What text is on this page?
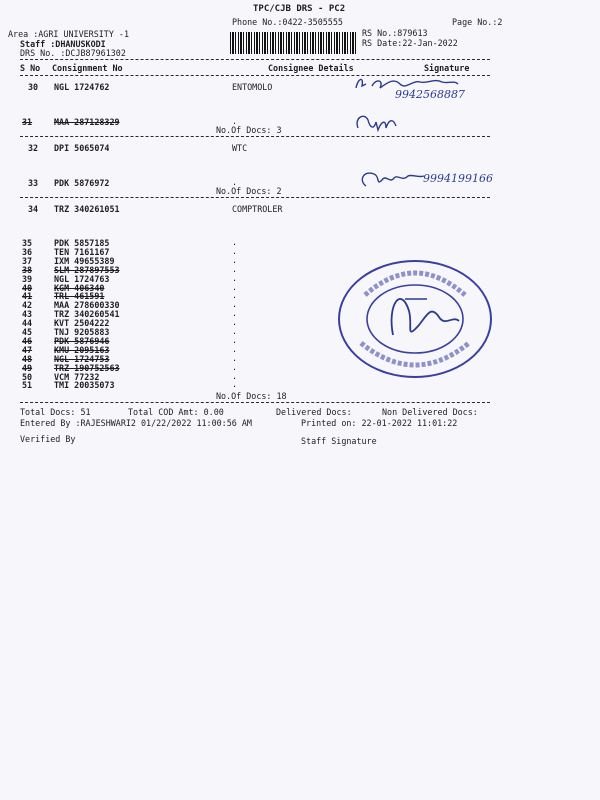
TPC/CJB DRS - PC2
Phone No.:0422-3505555	Page No.:2
Area :AGRI UNIVERSITY -1
Staff :DHANUSKODI
DRS No. :DCJB87961302
RS No.:879613
RS Date:22-Jan-2022
S No Consignment No	Consignee Details	Signature
30 NGL 1724762	ENTOMOLO
31	MAA 287128329	.
No.Of Docs: 3
32 DPI 5065074	WTC
33 PDK 5876972	.
No.Of Docs: 2
34 TRZ 340261051	COMPTROLER
35	PDK 5857185	.
36	TEN 7161167	.
37	IXM 49655389	.
38	SLM 287897553	.
39	NGL 1724763	.
40	KGM 406340	.
41	TRL 461591	.
42	MAA 278600330	.
43	TRZ 340260541	.
44	KVT 2504222	.
45	TNJ 9205883	.
46	PDK 5876946	.
47	KMU 2095163	.
48	NGL 1724753	.
49	TRZ 190752563	.
50	VCM 77232	.
51	TMI 20035073	.
No.Of Docs: 18
Total Docs: 51	Total COD Amt: 0.00	Delivered Docs:	Non Delivered Docs:
Entered By :RAJESHWARI2 01/22/2022 11:00:56 AM	Printed on: 22-01-2022 11:01:22
Verified By	Staff Signature
9942568887
9994199166
